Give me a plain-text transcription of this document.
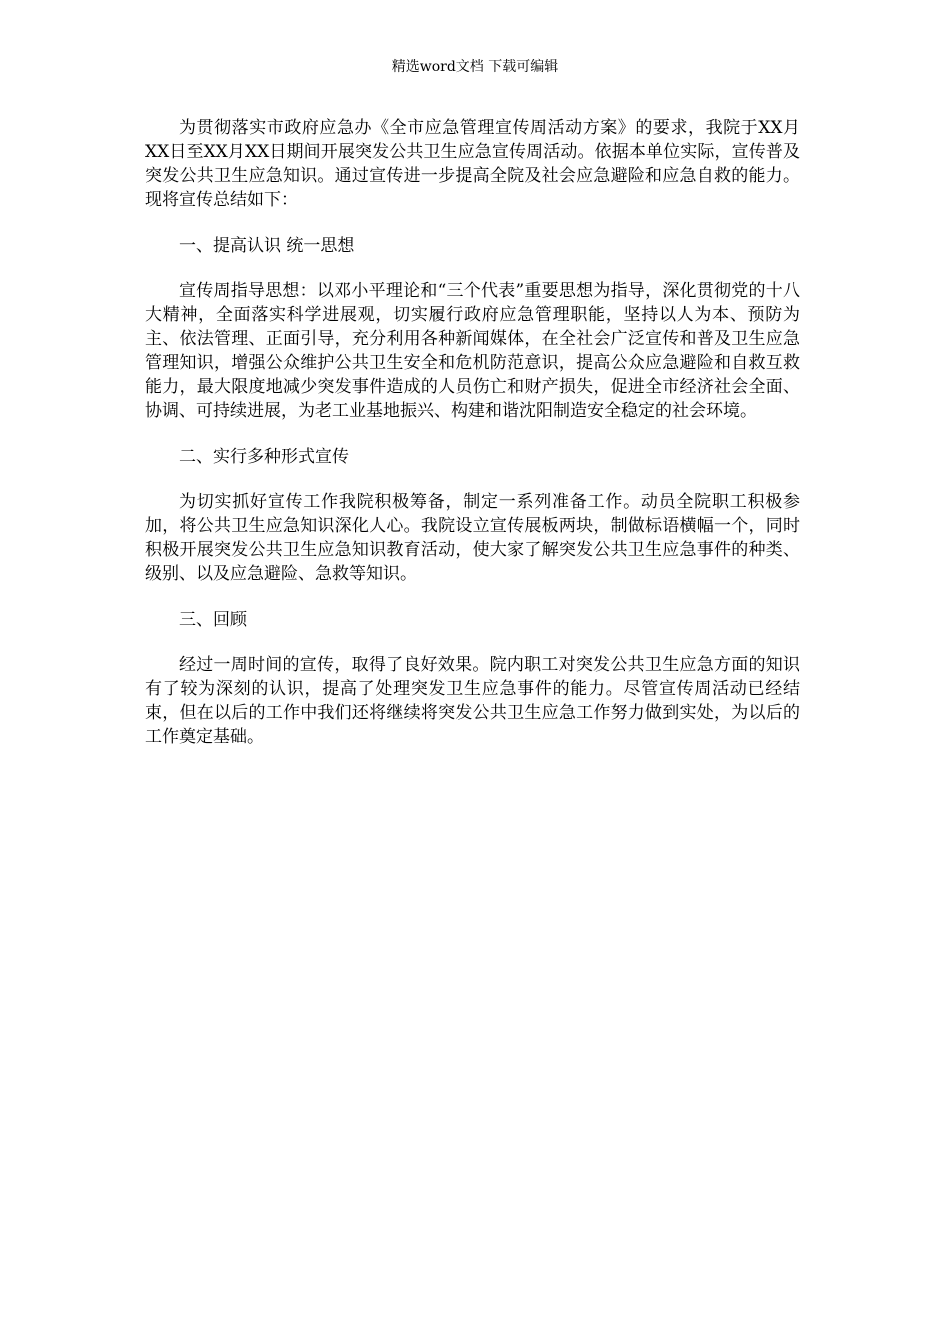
精选word文档 下载可编辑

为贯彻落实市政府应急办《全市应急管理宣传周活动方案》的要求，我院于XX月XX日至XX月XX日期间开展突发公共卫生应急宣传周活动。依据本单位实际，宣传普及突发公共卫生应急知识。通过宣传进一步提高全院及社会应急避险和应急自救的能力。现将宣传总结如下：

一、提高认识 统一思想

宣传周指导思想：以邓小平理论和“三个代表”重要思想为指导，深化贯彻党的十八大精神，全面落实科学进展观，切实履行政府应急管理职能，坚持以人为本、预防为主、依法管理、正面引导，充分利用各种新闻媒体，在全社会广泛宣传和普及卫生应急管理知识，增强公众维护公共卫生安全和危机防范意识，提高公众应急避险和自救互救能力，最大限度地减少突发事件造成的人员伤亡和财产损失，促进全市经济社会全面、协调、可持续进展，为老工业基地振兴、构建和谐沈阳制造安全稳定的社会环境。

二、实行多种形式宣传

为切实抓好宣传工作我院积极筹备，制定一系列准备工作。动员全院职工积极参加，将公共卫生应急知识深化人心。我院设立宣传展板两块，制做标语横幅一个，同时积极开展突发公共卫生应急知识教育活动，使大家了解突发公共卫生应急事件的种类、级别、以及应急避险、急救等知识。

三、回顾

经过一周时间的宣传，取得了良好效果。院内职工对突发公共卫生应急方面的知识有了较为深刻的认识，提高了处理突发卫生应急事件的能力。尽管宣传周活动已经结束，但在以后的工作中我们还将继续将突发公共卫生应急工作努力做到实处，为以后的工作奠定基础。
